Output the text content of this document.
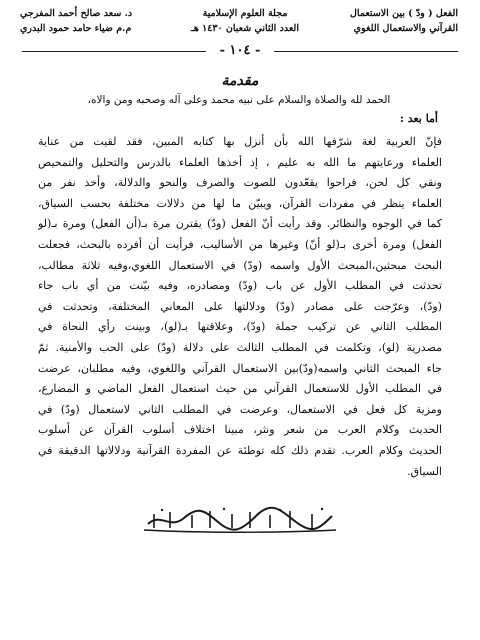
الفعل ( ودّ ) بين الاستعمال
القرآني والاستعمال اللغوي
مجلة العلوم الإسلامية
العدد الثاني شعبان ١٤٣٠ هـ
د. سعد صالح أحمد المفرجي
م.م ضياء حامد حمود البدري
- ١٠٤ -
مقدمة
الحمد لله والصلاة والسلام على نبيه محمد وعلى آله وصحبه ومن والاه،
أما بعد :
فإنّ العربية لغة شرّفها الله بأن أنزل بها كتابه المبين، فقد لقيت من عناية
العلماء ورعايتهم ما الله به عليم ، إذ أخذها العلماء بالدرس والتحليل والتمحيص
ونقي كل لحن، فراحوا يقعّدون للصوت والصرف والنحو والدلالة، وأخذ نفر من
العلماء ينظر في مفردات القرآن، ويبيّن ما لها من دلالات مختلفة بحسب السياق،
كما في الوجوه والنظائر. وقد رأيت أنّ الفعل (ودّ) يقترن مرة بـ(أن الفعل) ومرة بـ(لو
الفعل) ومرة أخرى بـ(لو أنّ) وغيرها من الأساليب، فرأيت أن أفرده بالبحث، فجعلت
البحث مبحثين،المبحث الأول واسمه (ودّ) في الاستعمال اللغوي،وفيه ثلاثة مطالب،
تحدثت في المطلب الأول عن باب (ودّ) ومصادره، وفيه بيّنت من أي باب جاء
(ودّ)، وعرّجت على مصادر (ودّ) ودلالتها على المعاني المختلفة، وتحدثت في
المطلب الثاني عن تركيب جملة (ودّ)، وعلاقتها بـ(لو)، وبينت رأي النحاة في
مصدرية (لو)، وتكلمت في المطلب الثالث على دلالة (ودّ) على الحب والأمنية. ثمّ
جاء المبحث الثاني واسمه(ودّ)بين الاستعمال القرآني واللغوي، وفيه مطلبان، عرضت
في المطلب الأول للاستعمال القرآني من حيث استعمال الفعل الماضي و المضارع،
ومزية كل فعل في الاستعمال، وعرضت في المطلب الثاني لاستعمال (ودّ) في
الحديث وكلام العرب من شعر ونثر، مبينا اختلاف أسلوب القرآن عن أسلوب
الحديث وكلام العرب. تقدم ذلك كله توطئة عن المفردة القرآنية ودلالاتها الدقيقة في
السياق.
